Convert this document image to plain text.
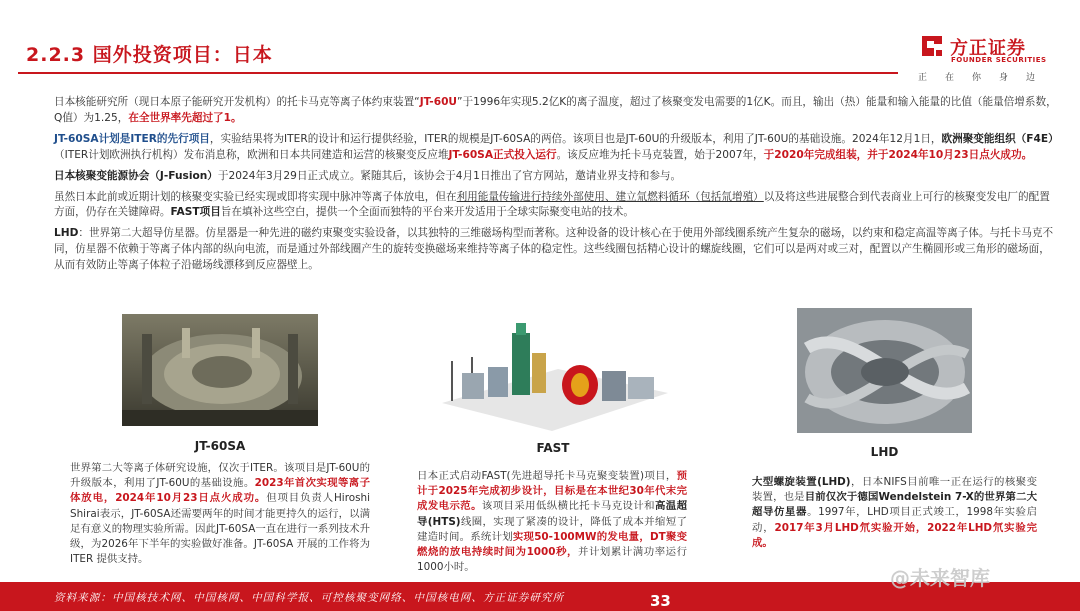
2.2.3 国外投资项目：日本	方正证券
FOUNDER SECURITIES
正在你身边

日本核能研究所（现日本原子能研究开发机构）的托卡马克等离子体约束装置“JT-60U”于1996年实现5.2亿K的离子温度，超过了核聚变发电需要的1亿K。而且，输出（热）能量和输入能量的比值（能量倍增系数，Q值）为1.25，在全世界率先超过了1。

JT-60SA计划是ITER的先行项目，实验结果将为ITER的设计和运行提供经验，ITER的规模是JT-60SA的两倍。该项目也是JT-60U的升级版本，利用了JT-60U的基础设施。2024年12月1日，欧洲聚变能组织（F4E）（ITER计划欧洲执行机构）发布消息称，欧洲和日本共同建造和运营的核聚变反应堆JT-60SA正式投入运行。该反应堆为托卡马克装置，始于2007年，于2020年完成组装，并于2024年10月23日点火成功。

日本核聚变能源协会（J-Fusion）于2024年3月29日正式成立。紧随其后，该协会于4月1日推出了官方网站，邀请业界支持和参与。

虽然日本此前或近期计划的核聚变实验已经实现或即将实现中脉冲等离子体放电，但在利用能量传输进行持续外部使用、建立氚燃料循环（包括氚增殖）以及将这些进展整合到代表商业上可行的核聚变发电厂的配置方面，仍存在关键障碍。FAST项目旨在填补这些空白，提供一个全面而独特的平台来开发适用于全球实际聚变电站的技术。

LHD：世界第二大超导仿星器。仿星器是一种先进的磁约束聚变实验设备，以其独特的三维磁场构型而著称。这种设备的设计核心在于使用外部线圈系统产生复杂的磁场，以约束和稳定高温等离子体。与托卡马克不同，仿星器不依赖于等离子体内部的纵向电流，而是通过外部线圈产生的旋转变换磁场来维持等离子体的稳定性。这些线圈包括精心设计的螺旋线圈，它们可以是两对或三对，配置以产生椭圆形或三角形的磁场面，从而有效防止等离子体粒子沿磁场线漂移到反应器壁上。

JT-60SA	FAST	LHD
世界第二大等离子体研究设施，仅次于ITER。该项目是JT-60U的升级版本，利用了JT-60U的基础设施。2023年首次实现等离子体放电，2024年10月23日点火成功。但项目负责人Hiroshi Shirai表示，JT-60SA还需要两年的时间才能更持久的运行，以满足有意义的物理实验所需。因此JT-60SA一直在进行一系列技术升级，为2026年下半年的实验做好准备。JT-60SA 开展的工作将为 ITER 提供支持。
日本正式启动FAST(先进超导托卡马克聚变装置)项目，预计于2025年完成初步设计，目标是在本世纪30年代末完成发电示范。该项目采用低纵横比托卡马克设计和高温超导(HTS)线圈，实现了紧凑的设计，降低了成本并缩短了建造时间。系统计划实现50-100MW的发电量，DT聚变燃烧的放电持续时间为1000秒，并计划累计满功率运行1000小时。
大型螺旋装置(LHD)，日本NIFS目前唯一正在运行的核聚变装置，也是目前仅次于德国Wendelstein 7-X的世界第二大超导仿星器。1997年，LHD项目正式竣工，1998年实验启动，2017年3月LHD氘实验开始，2022年LHD氘实验完成。
资料来源：中国核技术网、中国核网、中国科学报、可控核聚变网络、中国核电网、方正证券研究所	33
@未来智库
